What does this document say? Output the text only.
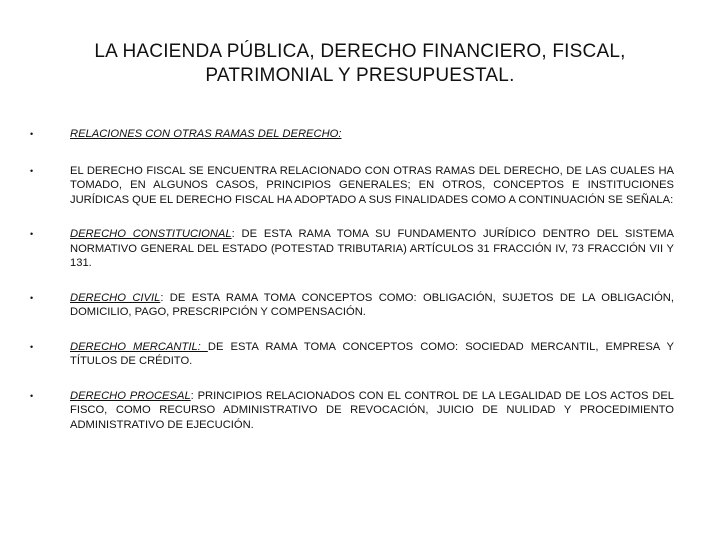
LA HACIENDA PÚBLICA, DERECHO FINANCIERO, FISCAL,
PATRIMONIAL Y PRESUPUESTAL.
•	RELACIONES CON OTRAS RAMAS DEL DERECHO:
•	EL DERECHO FISCAL SE ENCUENTRA RELACIONADO CON OTRAS RAMAS DEL DERECHO, DE LAS CUALES HA TOMADO, EN ALGUNOS CASOS, PRINCIPIOS GENERALES; EN OTROS, CONCEPTOS E INSTITUCIONES JURÍDICAS QUE EL DERECHO FISCAL HA ADOPTADO A SUS FINALIDADES COMO A CONTINUACIÓN SE SEÑALA:
•	DERECHO CONSTITUCIONAL: DE ESTA RAMA TOMA SU FUNDAMENTO JURÍDICO DENTRO DEL SISTEMA NORMATIVO GENERAL DEL ESTADO (POTESTAD TRIBUTARIA) ARTÍCULOS 31 FRACCIÓN IV, 73 FRACCIÓN VII Y 131.
•	DERECHO CIVIL: DE ESTA RAMA TOMA CONCEPTOS COMO: OBLIGACIÓN, SUJETOS DE LA OBLIGACIÓN, DOMICILIO, PAGO, PRESCRIPCIÓN Y COMPENSACIÓN.
•	DERECHO MERCANTIL: DE ESTA RAMA TOMA CONCEPTOS COMO: SOCIEDAD MERCANTIL, EMPRESA Y TÍTULOS DE CRÉDITO.
•	DERECHO PROCESAL: PRINCIPIOS RELACIONADOS CON EL CONTROL DE LA LEGALIDAD DE LOS ACTOS DEL FISCO, COMO RECURSO ADMINISTRATIVO DE REVOCACIÓN, JUICIO DE NULIDAD Y PROCEDIMIENTO ADMINISTRATIVO DE EJECUCIÓN.
